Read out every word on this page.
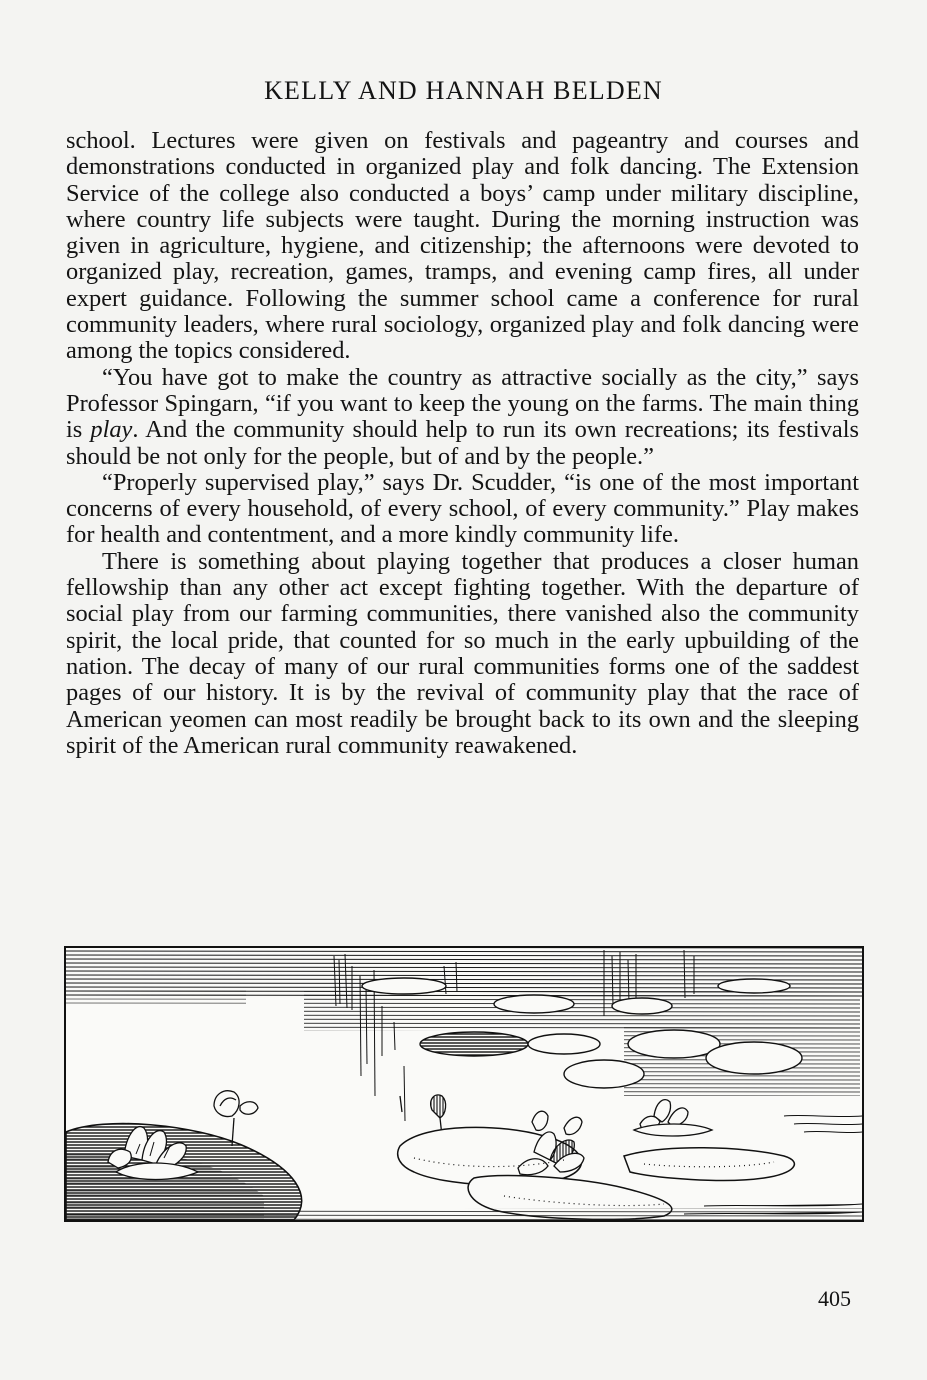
KELLY AND HANNAH BELDEN

school. Lectures were given on festivals and pageantry and courses and demonstrations conducted in organized play and folk dancing. The Extension Service of the college also conducted a boys’ camp under military discipline, where country life subjects were taught. During the morning instruction was given in agriculture, hygiene, and citizenship; the afternoons were devoted to organized play, recreation, games, tramps, and evening camp fires, all under expert guidance. Following the summer school came a conference for rural community leaders, where rural sociology, organized play and folk dancing were among the topics considered.

“You have got to make the country as attractive socially as the city,” says Professor Spingarn, “if you want to keep the young on the farms. The main thing is play. And the community should help to run its own recreations; its festivals should be not only for the people, but of and by the people.”

“Properly supervised play,” says Dr. Scudder, “is one of the most important concerns of every household, of every school, of every community.” Play makes for health and contentment, and a more kindly community life.

There is something about playing together that produces a closer human fellowship than any other act except fighting together. With the departure of social play from our farming communities, there vanished also the community spirit, the local pride, that counted for so much in the early upbuilding of the nation. The decay of many of our rural communities forms one of the saddest pages of our history. It is by the revival of community play that the race of American yeomen can most readily be brought back to its own and the sleeping spirit of the American rural community reawakened.

405
